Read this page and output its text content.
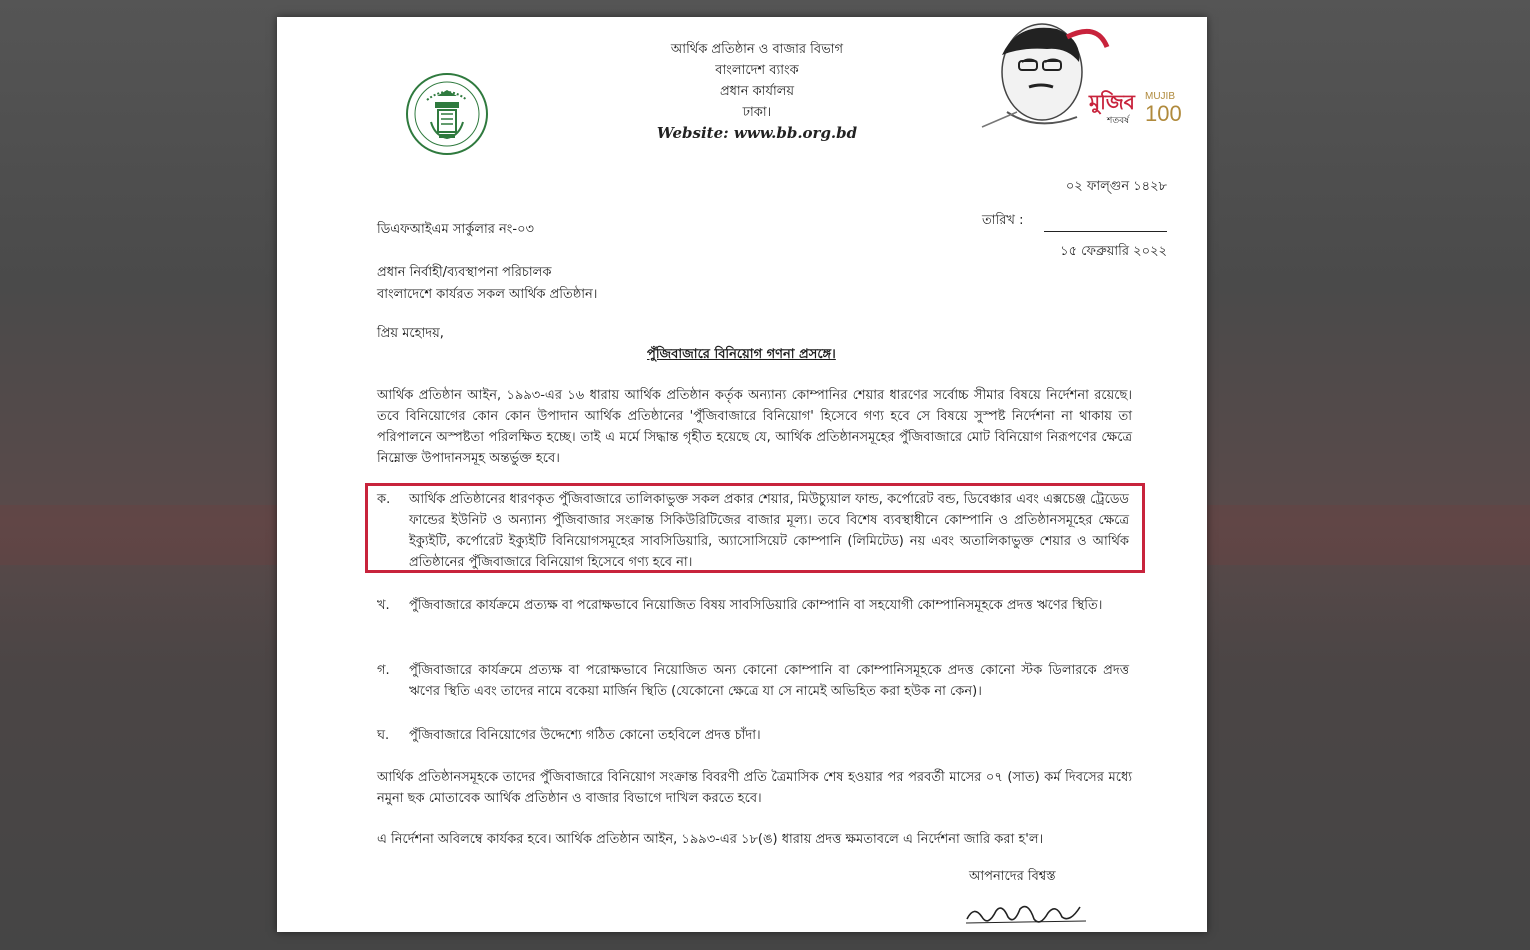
আর্থিক প্রতিষ্ঠান ও বাজার বিভাগ
বাংলাদেশ ব্যাংক
প্রধান কার্যালয়
ঢাকা।
Website: www.bb.org.bd
মুজিব
শতবর্ষ
MUJIB
100
০২ ফাল্গুন ১৪২৮
তারিখ :
১৫ ফেব্রুয়ারি ২০২২
ডিএফআইএম সার্কুলার নং-০৩
প্রধান নির্বাহী/ব্যবস্থাপনা পরিচালক
বাংলাদেশে কার্যরত সকল আর্থিক প্রতিষ্ঠান।
প্রিয় মহোদয়,
পুঁজিবাজারে বিনিয়োগ গণনা প্রসঙ্গে।
আর্থিক প্রতিষ্ঠান আইন, ১৯৯৩-এর ১৬ ধারায় আর্থিক প্রতিষ্ঠান কর্তৃক অন্যান্য কোম্পানির শেয়ার ধারণের সর্বোচ্চ সীমার বিষয়ে নির্দেশনা রয়েছে। তবে বিনিয়োগের কোন কোন উপাদান আর্থিক প্রতিষ্ঠানের 'পুঁজিবাজারে বিনিয়োগ' হিসেবে গণ্য হবে সে বিষয়ে সুস্পষ্ট নির্দেশনা না থাকায় তা পরিপালনে অস্পষ্টতা পরিলক্ষিত হচ্ছে। তাই এ মর্মে সিদ্ধান্ত গৃহীত হয়েছে যে, আর্থিক প্রতিষ্ঠানসমূহের পুঁজিবাজারে মোট বিনিয়োগ নিরূপণের ক্ষেত্রে নিম্নোক্ত উপাদানসমূহ অন্তর্ভুক্ত হবে।
ক. আর্থিক প্রতিষ্ঠানের ধারণকৃত পুঁজিবাজারে তালিকাভুক্ত সকল প্রকার শেয়ার, মিউচ্যুয়াল ফান্ড, কর্পোরেট বন্ড, ডিবেঞ্চার এবং এক্সচেঞ্জ ট্রেডেড ফান্ডের ইউনিট ও অন্যান্য পুঁজিবাজার সংক্রান্ত সিকিউরিটিজের বাজার মূল্য। তবে বিশেষ ব্যবস্থাধীনে কোম্পানি ও প্রতিষ্ঠানসমূহের ক্ষেত্রে ইক্যুইটি, কর্পোরেট ইক্যুইটি বিনিয়োগসমূহের সাবসিডিয়ারি, অ্যাসোসিয়েট কোম্পানি (লিমিটেড) নয় এবং অতালিকাভুক্ত শেয়ার ও আর্থিক প্রতিষ্ঠানের পুঁজিবাজারে বিনিয়োগ হিসেবে গণ্য হবে না।
খ. পুঁজিবাজারে কার্যক্রমে প্রত্যক্ষ বা পরোক্ষভাবে নিয়োজিত বিষয় সাবসিডিয়ারি কোম্পানি বা সহযোগী কোম্পানিসমূহকে প্রদত্ত ঋণের স্থিতি।
গ. পুঁজিবাজারে কার্যক্রমে প্রত্যক্ষ বা পরোক্ষভাবে নিয়োজিত অন্য কোনো কোম্পানি বা কোম্পানিসমূহকে প্রদত্ত কোনো স্টক ডিলারকে প্রদত্ত ঋণের স্থিতি এবং তাদের নামে বকেয়া মার্জিন স্থিতি (যেকোনো ক্ষেত্রে যা সে নামেই অভিহিত করা হউক না কেন)।
ঘ. পুঁজিবাজারে বিনিয়োগের উদ্দেশ্যে গঠিত কোনো তহবিলে প্রদত্ত চাঁদা।
আর্থিক প্রতিষ্ঠানসমূহকে তাদের পুঁজিবাজারে বিনিয়োগ সংক্রান্ত বিবরণী প্রতি ত্রৈমাসিক শেষ হওয়ার পর পরবর্তী মাসের ০৭ (সাত) কর্ম দিবসের মধ্যে নমুনা ছক মোতাবেক আর্থিক প্রতিষ্ঠান ও বাজার বিভাগে দাখিল করতে হবে।
এ নির্দেশনা অবিলম্বে কার্যকর হবে। আর্থিক প্রতিষ্ঠান আইন, ১৯৯৩-এর ১৮(ঙ) ধারায় প্রদত্ত ক্ষমতাবলে এ নির্দেশনা জারি করা হ'ল।
আপনাদের বিশ্বস্ত
